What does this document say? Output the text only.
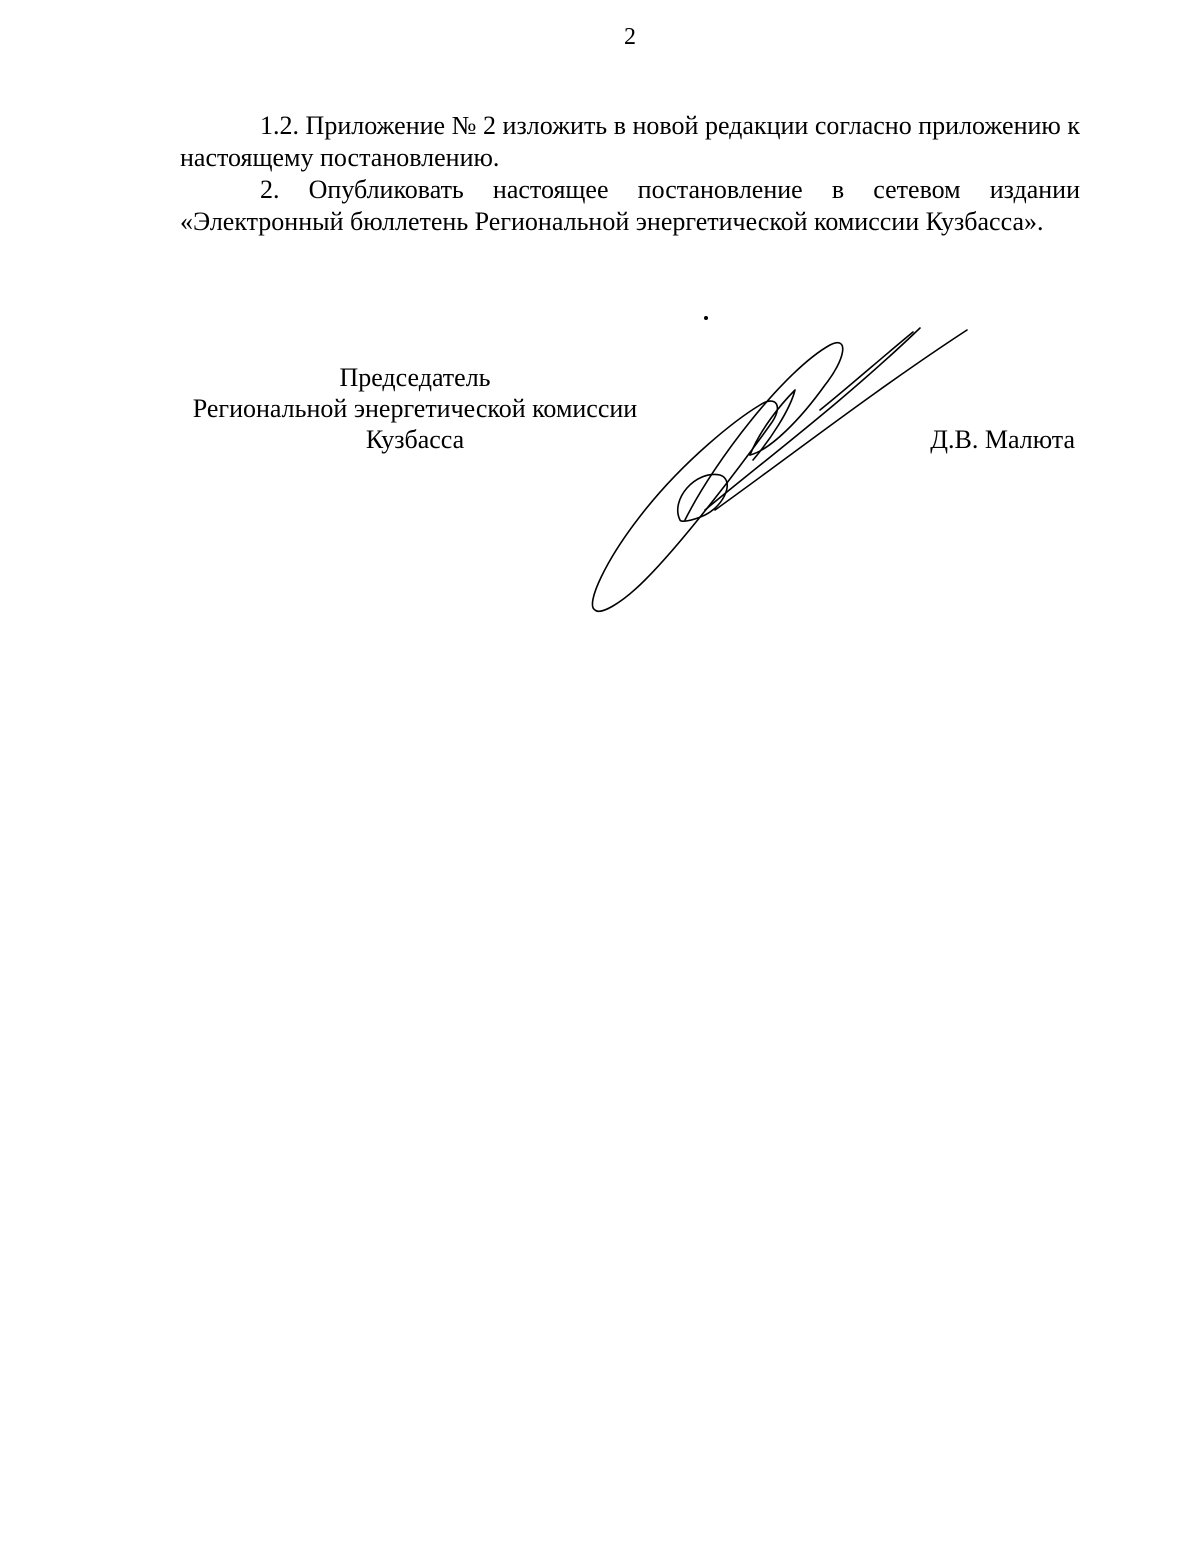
2

1.2. Приложение № 2 изложить в новой редакции согласно приложению к настоящему постановлению.

2. Опубликовать настоящее постановление в сетевом издании «Электронный бюллетень Региональной энергетической комиссии Кузбасса».

Председатель
Региональной энергетической комиссии
Кузбасса	Д.В. Малюта
